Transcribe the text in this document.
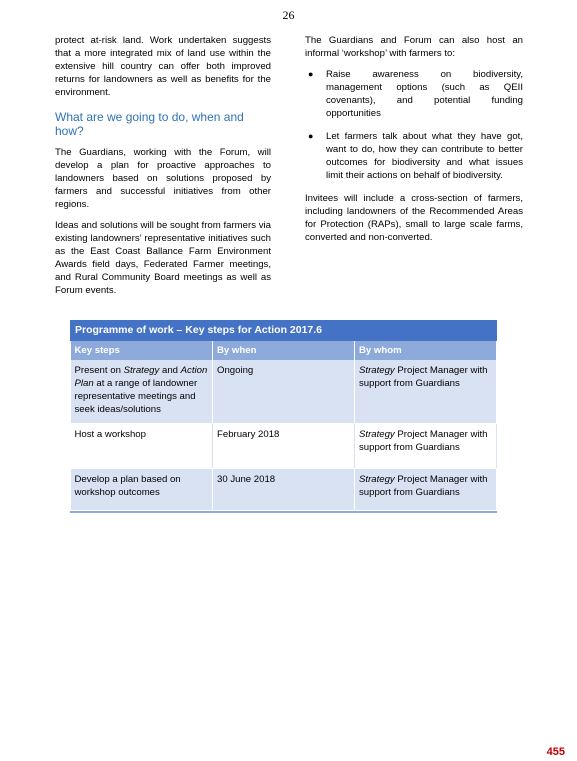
26

protect at-risk land. Work undertaken suggests that a more integrated mix of land use within the extensive hill country can offer both improved returns for landowners as well as benefits for the environment.

What are we going to do, when and how?

The Guardians, working with the Forum, will develop a plan for proactive approaches to landowners based on solutions proposed by farmers and successful initiatives from other regions.

Ideas and solutions will be sought from farmers via existing landowners’ representative initiatives such as the East Coast Ballance Farm Environment Awards field days, Federated Farmer meetings, and Rural Community Board meetings as well as Forum events.

The Guardians and Forum can also host an informal ‘workshop’ with farmers to:

● Raise awareness on biodiversity, management options (such as QEII covenants), and potential funding opportunities
● Let farmers talk about what they have got, want to do, how they can contribute to better outcomes for biodiversity and what issues limit their actions on behalf of biodiversity.

Invitees will include a cross-section of farmers, including landowners of the Recommended Areas for Protection (RAPs), small to large scale farms, converted and non-converted.

Programme of work – Key steps for Action 2017.6		
Key steps	By when	By whom
Present on Strategy and Action Plan at a range of landowner representative meetings and seek ideas/solutions	Ongoing	Strategy Project Manager with support from Guardians
Host a workshop	February 2018	Strategy Project Manager with support from Guardians
Develop a plan based on workshop outcomes	30 June 2018	Strategy Project Manager with support from Guardians
455
